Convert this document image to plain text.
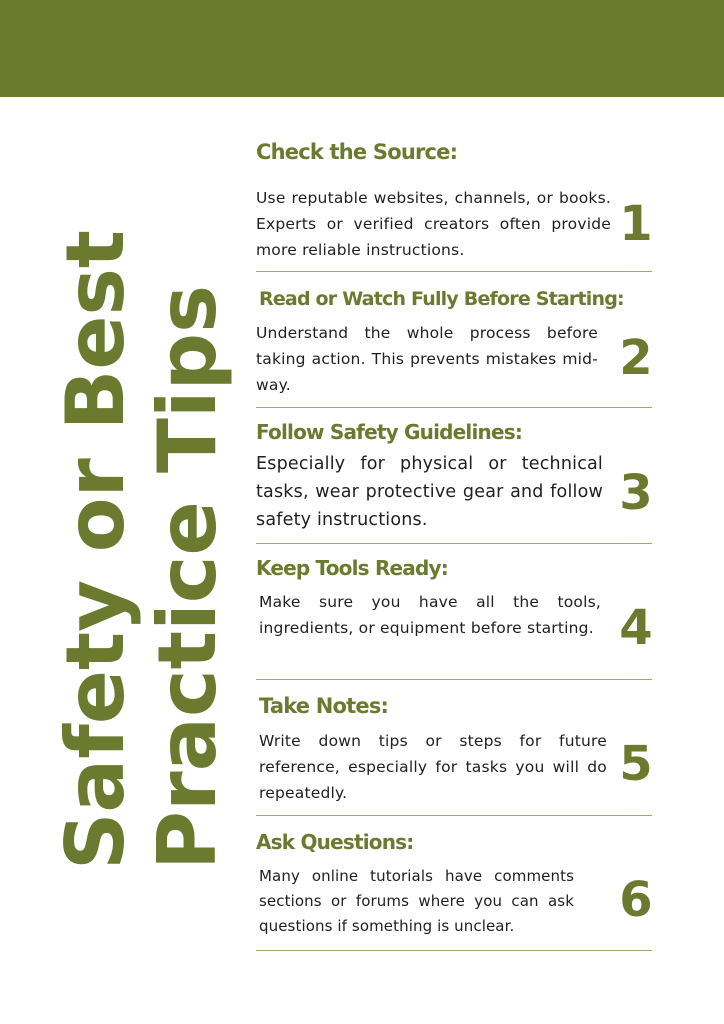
Safety or Best Practice Tips
Check the Source:
Use reputable websites, channels, or books. Experts or verified creators often provide more reliable instructions.	1
Read or Watch Fully Before Starting:
Understand the whole process before taking action. This prevents mistakes mid-way.	2
Follow Safety Guidelines:
Especially for physical or technical tasks, wear protective gear and follow safety instructions.	3
Keep Tools Ready:
Make sure you have all the tools, ingredients, or equipment before starting. 4
Take Notes:
Write down tips or steps for future reference, especially for tasks you will do repeatedly.
5
Ask Questions:
Many online tutorials have comments sections or forums where you can ask questions if something is unclear.	6
